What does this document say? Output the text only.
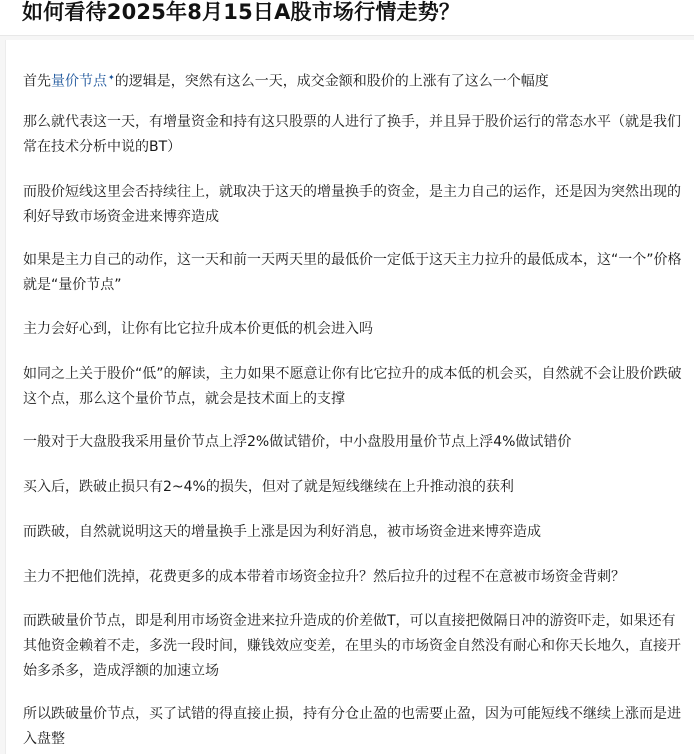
如何看待2025年8月15日A股市场行情走势？
首先量价节点✦的逻辑是，突然有这么一天，成交金额和股价的上涨有了这么一个幅度
那么就代表这一天，有增量资金和持有这只股票的人进行了换手，并且异于股价运行的常态水平（就是我们常在技术分析中说的BT）
而股价短线这里会否持续往上，就取决于这天的增量换手的资金，是主力自己的运作，还是因为突然出现的利好导致市场资金进来博弈造成
如果是主力自己的动作，这一天和前一天两天里的最低价一定低于这天主力拉升的最低成本，这“一个”价格就是“量价节点”
主力会好心到，让你有比它拉升成本价更低的机会进入吗
如同之上关于股价“低”的解读，主力如果不愿意让你有比它拉升的成本低的机会买，自然就不会让股价跌破这个点，那么这个量价节点，就会是技术面上的支撑
一般对于大盘股我采用量价节点上浮2%做试错价，中小盘股用量价节点上浮4%做试错价
买入后，跌破止损只有2~4%的损失，但对了就是短线继续在上升推动浪的获利
而跌破，自然就说明这天的增量换手上涨是因为利好消息，被市场资金进来博弈造成
主力不把他们洗掉，花费更多的成本带着市场资金拉升？然后拉升的过程不在意被市场资金背刺？
而跌破量价节点，即是利用市场资金进来拉升造成的价差做T，可以直接把傚隔日冲的游资吓走，如果还有其他资金赖着不走，多洗一段时间，赚钱效应变差，在里头的市场资金自然没有耐心和你天长地久，直接开始多杀多，造成浮额的加速立场
所以跌破量价节点，买了试错的得直接止损，持有分仓止盈的也需要止盈，因为可能短线不继续上涨而是进入盘整
